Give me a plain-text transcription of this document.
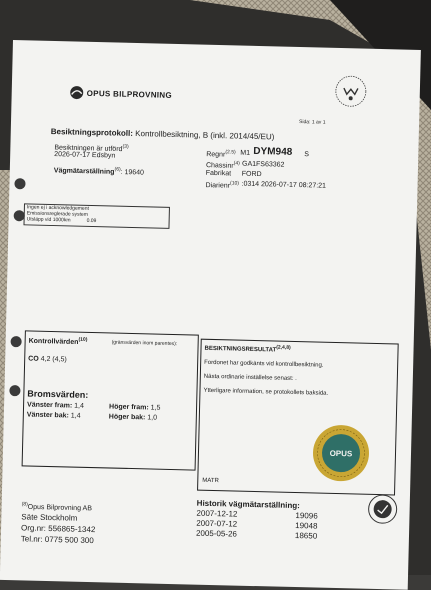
OPUS BILPROVNING
Sida: 1 av 1
Besiktningsprotokoll: Kontrollbesiktning, B (inkl. 2014/45/EU)
Besiktningen är utförd$^{(3)}$
2026-07-17 Edsbyn
Vägmätarställning$^{(6)}$: 19640
Ingen ej i acknowledgement
Emissionsreglerade system
Utsläpp vid 1000km	0.09
Regnr$^{(2.5)}$ M1 DYM948 S
Chassinr$^{(4)}$ GA1FS63362
Fabrikat FORD
Diarienr$^{(10)}$ :0314 2026-07-17 08:27:21
Kontrollvärden$^{(10)}$	(gränsvärden inom parentes):
CO 4,2 (4,5)
Bromsvärden:
Vänster fram: 1,4	Höger fram: 1,5
Vänster bak: 1,4	Höger bak: 1,0
BESIKTNINGSRESULTAT$^{(2,4,8)}$
Fordonet har godkänts vid kontrollbesiktning.
Nästa ordinarie inställelse senast: .
Ytterligare information, se protokollets baksida.
OPUS
MATR
$^{(8)}$Opus Bilprovning AB
Säte Stockholm
Org.nr: 556865-1342
Tel.nr: 0775 500 300
Historik vägmätarställning:
2007-12-12	19096
2007-07-12	19048
2005-05-26	18650
